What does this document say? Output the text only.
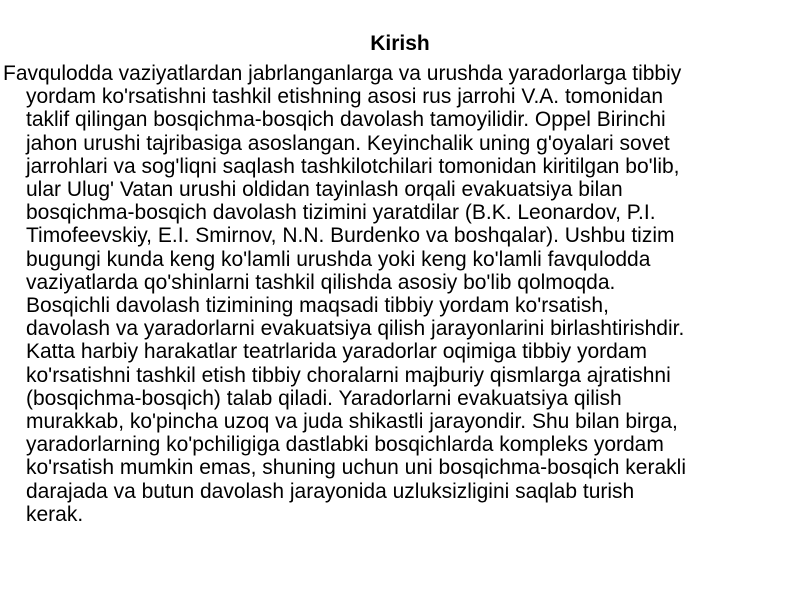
Kirish
Favqulodda vaziyatlardan jabrlanganlarga va urushda yaradorlarga tibbiy
yordam ko'rsatishni tashkil etishning asosi rus jarrohi V.A. tomonidan
taklif qilingan bosqichma-bosqich davolash tamoyilidir. Oppel Birinchi
jahon urushi tajribasiga asoslangan. Keyinchalik uning g'oyalari sovet
jarrohlari va sog'liqni saqlash tashkilotchilari tomonidan kiritilgan bo'lib,
ular Ulug' Vatan urushi oldidan tayinlash orqali evakuatsiya bilan
bosqichma-bosqich davolash tizimini yaratdilar (B.K. Leonardov, P.I.
Timofeevskiy, E.I. Smirnov, N.N. Burdenko va boshqalar). Ushbu tizim
bugungi kunda keng ko'lamli urushda yoki keng ko'lamli favqulodda
vaziyatlarda qo'shinlarni tashkil qilishda asosiy bo'lib qolmoqda.
Bosqichli davolash tizimining maqsadi tibbiy yordam ko'rsatish,
davolash va yaradorlarni evakuatsiya qilish jarayonlarini birlashtirishdir.
Katta harbiy harakatlar teatrlarida yaradorlar oqimiga tibbiy yordam
ko'rsatishni tashkil etish tibbiy choralarni majburiy qismlarga ajratishni
(bosqichma-bosqich) talab qiladi. Yaradorlarni evakuatsiya qilish
murakkab, ko'pincha uzoq va juda shikastli jarayondir. Shu bilan birga,
yaradorlarning ko'pchiligiga dastlabki bosqichlarda kompleks yordam
ko'rsatish mumkin emas, shuning uchun uni bosqichma-bosqich kerakli
darajada va butun davolash jarayonida uzluksizligini saqlab turish
kerak.
